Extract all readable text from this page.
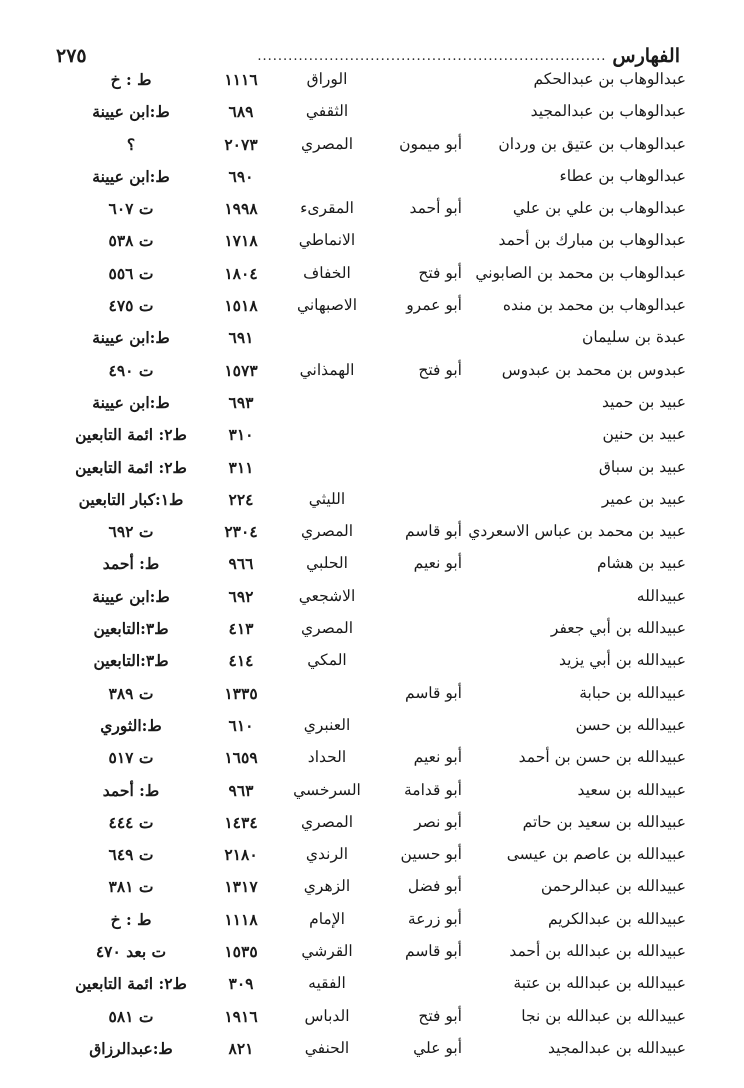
الفهارس
....................................................................
٢٧٥
عبدالوهاب بن عبدالحكم
الوراق
١١١٦
ط : خ
عبدالوهاب بن عبدالمجيد
الثقفي
٦٨٩
ط:ابن عيينة
عبدالوهاب بن عتيق بن وردان
أبو ميمون
المصري
٢٠٧٣
؟
عبدالوهاب بن عطاء
٦٩٠
ط:ابن عيينة
عبدالوهاب بن علي بن علي
أبو أحمد
المقرىء
١٩٩٨
ت ٦٠٧
عبدالوهاب بن مبارك بن أحمد
الانماطي
١٧١٨
ت ٥٣٨
عبدالوهاب بن محمد بن الصابوني
أبو فتح
الخفاف
١٨٠٤
ت ٥٥٦
عبدالوهاب بن محمد بن منده
أبو عمرو
الاصبهاني
١٥١٨
ت ٤٧٥
عبدة بن سليمان
٦٩١
ط:ابن عيينة
عبدوس بن محمد بن عبدوس
أبو فتح
الهمذاني
١٥٧٣
ت ٤٩٠
عبيد بن حميد
٦٩٣
ط:ابن عيينة
عبيد بن حنين
٣١٠
ط٢: ائمة التابعين
عبيد بن سباق
٣١١
ط٢: ائمة التابعين
عبيد بن عمير
الليثي
٢٢٤
ط١:كبار التابعين
عبيد بن محمد بن عباس الاسعردي
أبو قاسم
المصري
٢٣٠٤
ت ٦٩٢
عبيد بن هشام
أبو نعيم
الحلبي
٩٦٦
ط: أحمد
عبيدالله
الاشجعي
٦٩٢
ط:ابن عيينة
عبيدالله بن أبي جعفر
المصري
٤١٣
ط٣:التابعين
عبيدالله بن أبي يزيد
المكي
٤١٤
ط٣:التابعين
عبيدالله بن حبابة
أبو قاسم
١٣٣٥
ت ٣٨٩
عبيدالله بن حسن
العنبري
٦١٠
ط:الثوري
عبيدالله بن حسن بن أحمد
أبو نعيم
الحداد
١٦٥٩
ت ٥١٧
عبيدالله بن سعيد
أبو قدامة
السرخسي
٩٦٣
ط: أحمد
عبيدالله بن سعيد بن حاتم
أبو نصر
المصري
١٤٣٤
ت ٤٤٤
عبيدالله بن عاصم بن عيسى
أبو حسين
الرندي
٢١٨٠
ت ٦٤٩
عبيدالله بن عبدالرحمن
أبو فضل
الزهري
١٣١٧
ت ٣٨١
عبيدالله بن عبدالكريم
أبو زرعة
الإمام
١١١٨
ط : خ
عبيدالله بن عبدالله بن أحمد
أبو قاسم
القرشي
١٥٣٥
ت بعد ٤٧٠
عبيدالله بن عبدالله بن عتبة
الفقيه
٣٠٩
ط٢: ائمة التابعين
عبيدالله بن عبدالله بن نجا
أبو فتح
الدباس
١٩١٦
ت ٥٨١
عبيدالله بن عبدالمجيد
أبو علي
الحنفي
٨٢١
ط:عبدالرزاق
